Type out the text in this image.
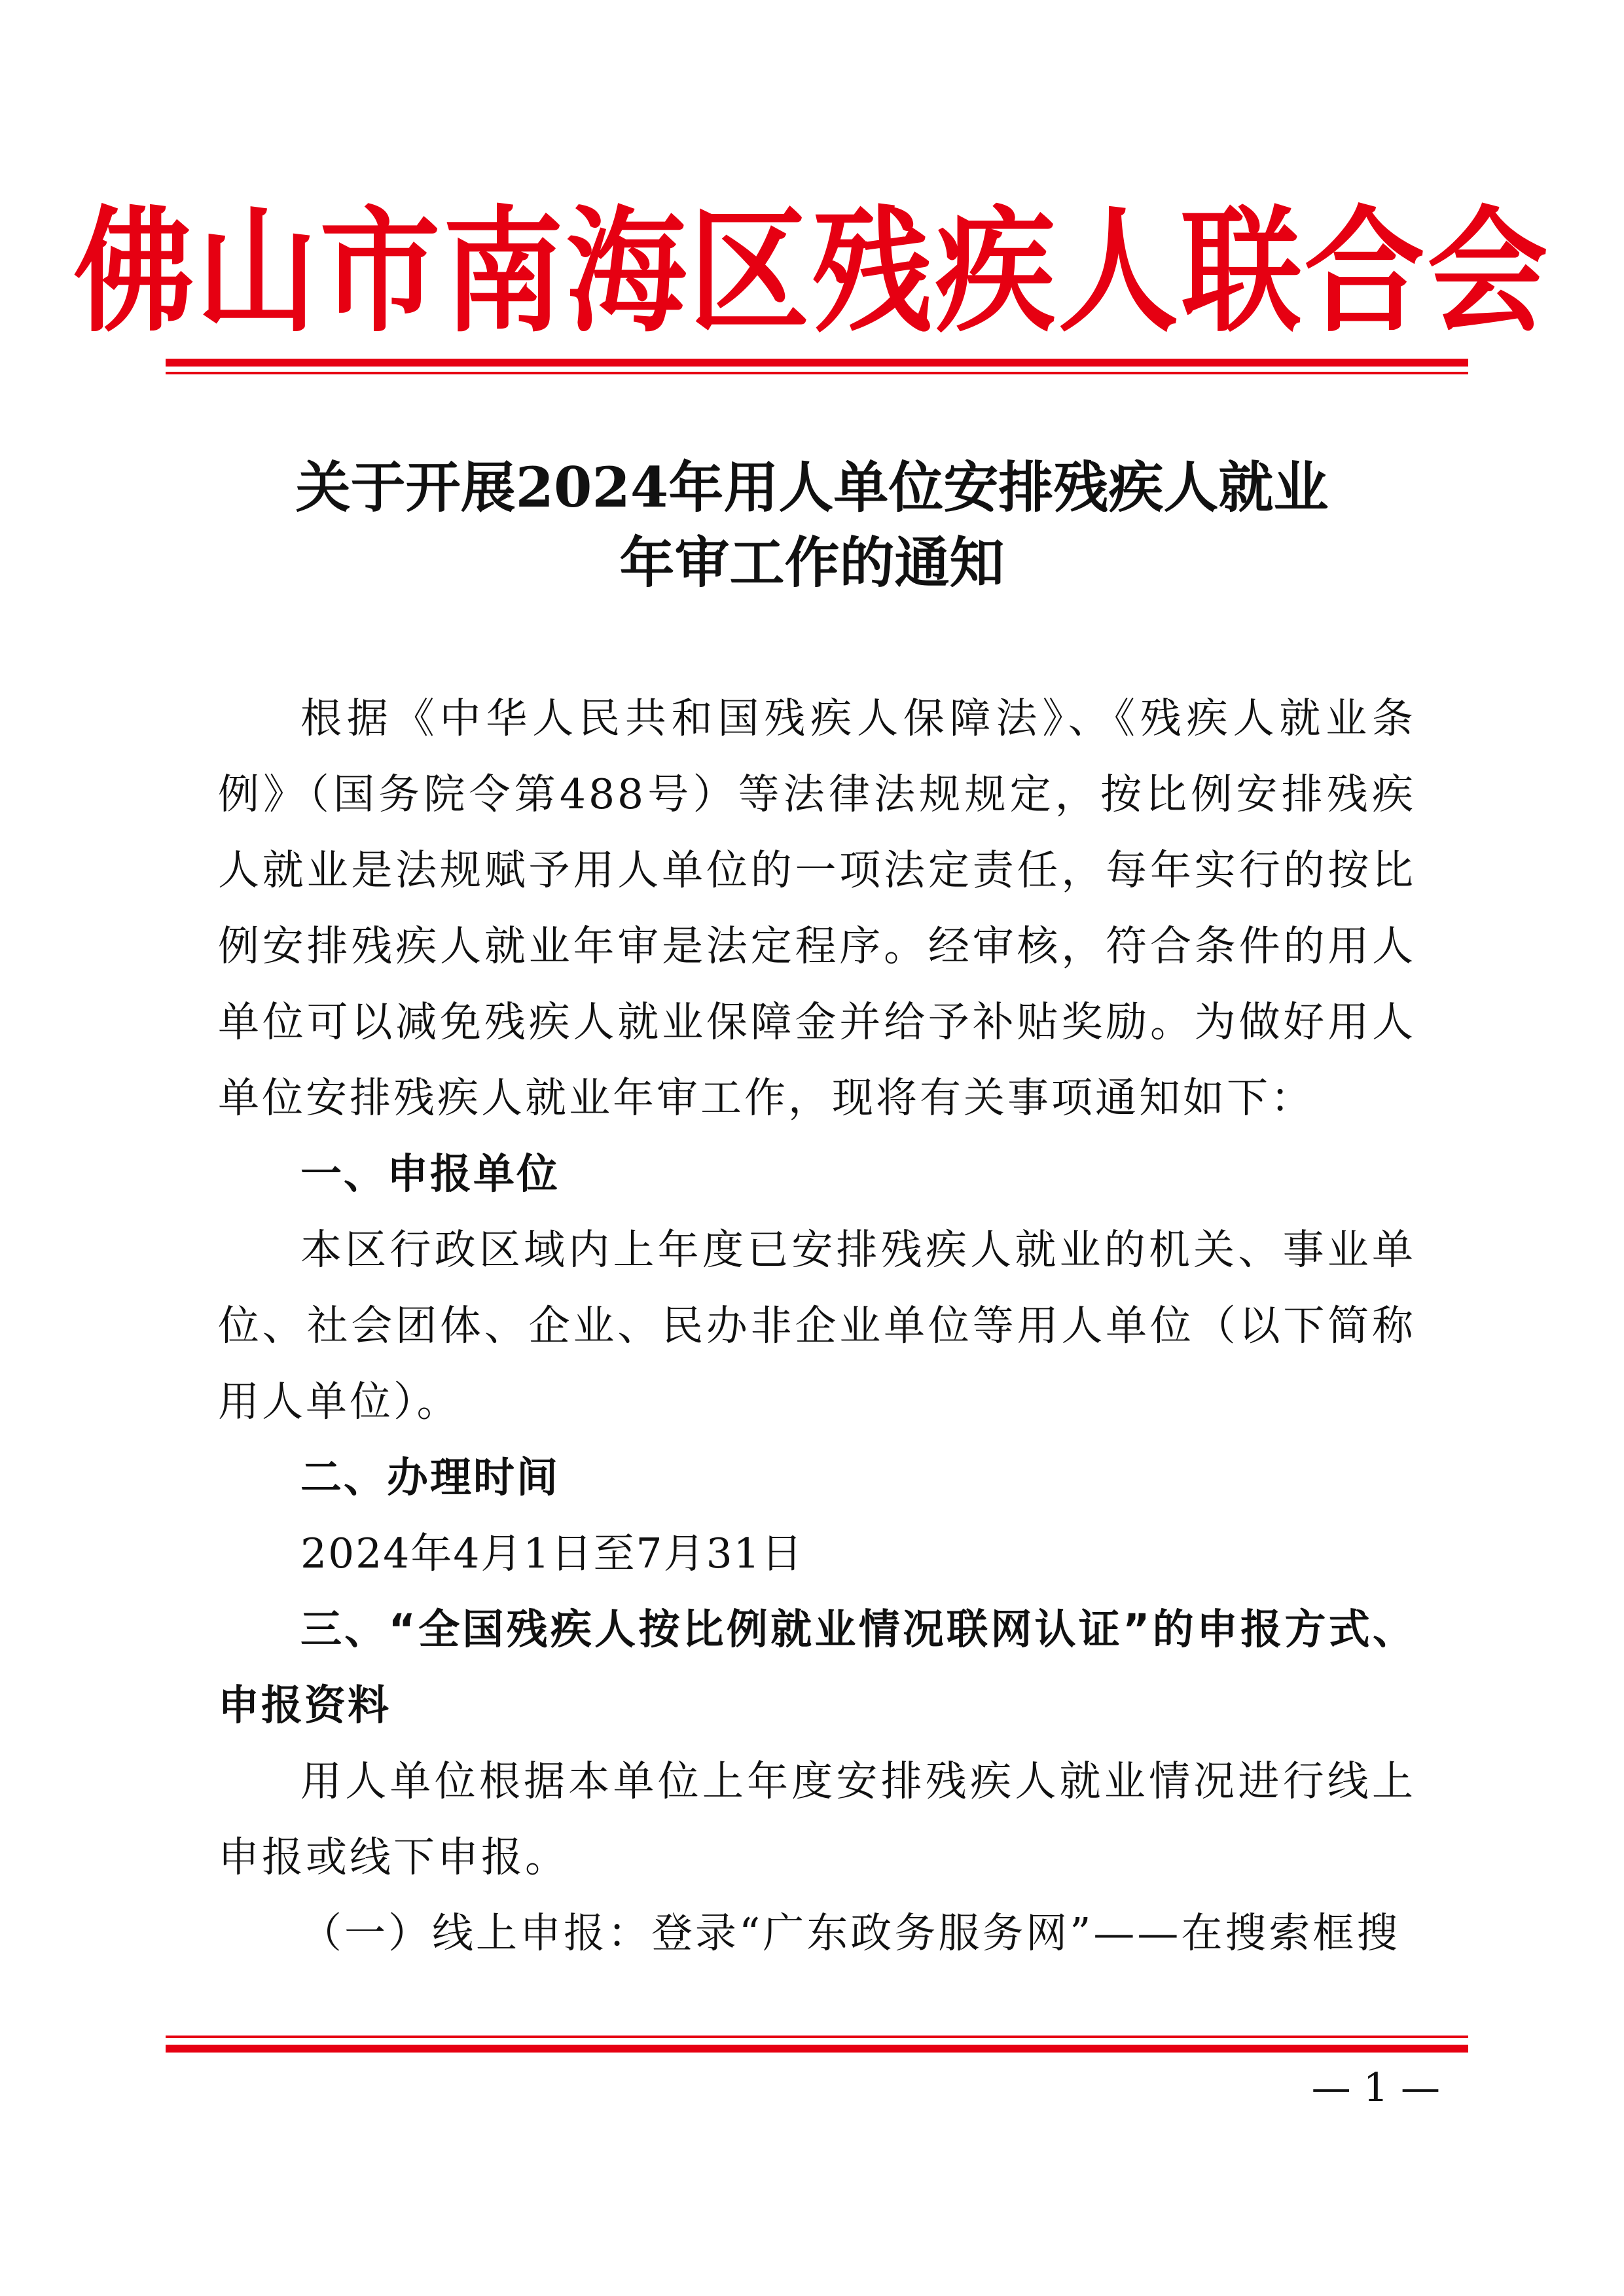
佛山市南海区残疾人联合会
关于开展2024年用人单位安排残疾人就业
年审工作的通知

根据《中华人民共和国残疾人保障法》、《残疾人就业条例》（国务院令第488号）等法律法规规定，按比例安排残疾人就业是法规赋予用人单位的一项法定责任，每年实行的按比例安排残疾人就业年审是法定程序。经审核，符合条件的用人单位可以减免残疾人就业保障金并给予补贴奖励。为做好用人单位安排残疾人就业年审工作，现将有关事项通知如下：

一、申报单位

本区行政区域内上年度已安排残疾人就业的机关、事业单位、社会团体、企业、民办非企业单位等用人单位（以下简称用人单位）。

二、办理时间

2024年4月1日至7月31日

三、“全国残疾人按比例就业情况联网认证”的申报方式、申报资料

用人单位根据本单位上年度安排残疾人就业情况进行线上申报或线下申报。

（一）线上申报：登录“广东政务服务网”——在搜索框搜

— 1 —
